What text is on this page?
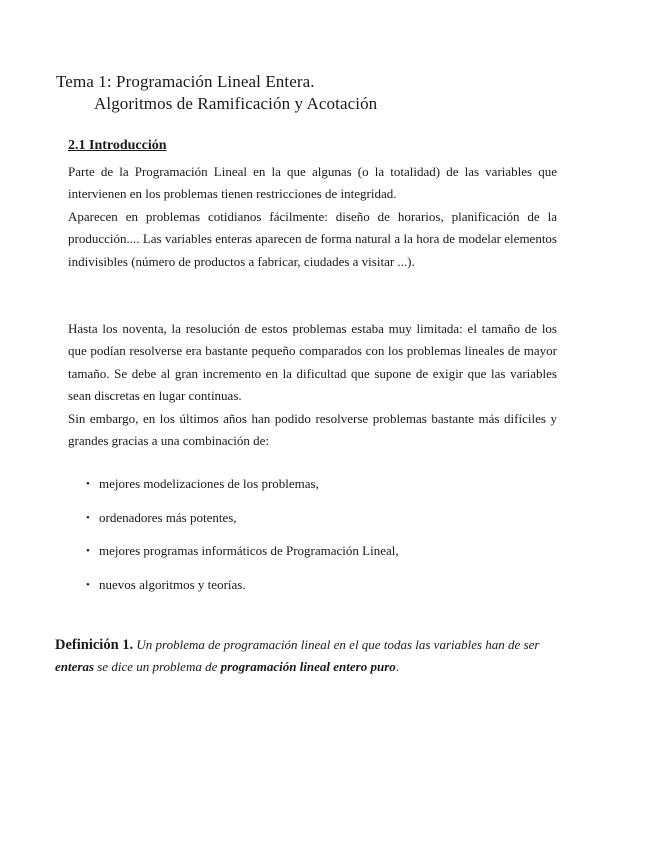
Tema 1: Programación Lineal Entera.
Algoritmos de Ramificación y Acotación
2.1 Introducción

Parte de la Programación Lineal en la que algunas (o la totalidad) de las variables que intervienen en los problemas tienen restricciones de integridad.

Aparecen en problemas cotidianos fácilmente: diseño de horarios, planificación de la producción.... Las variables enteras aparecen de forma natural a la hora de modelar elementos indivisibles (número de productos a fabricar, ciudades a visitar ...).

Hasta los noventa, la resolución de estos problemas estaba muy limitada: el tamaño de los que podían resolverse era bastante pequeño comparados con los problemas lineales de mayor tamaño. Se debe al gran incremento en la dificultad que supone de exigir que las variables sean discretas en lugar continuas.

Sin embargo, en los últimos años han podido resolverse problemas bastante más difíciles y grandes gracias a una combinación de:

• mejores modelizaciones de los problemas,
• ordenadores más potentes,
• mejores programas informáticos de Programación Lineal,
• nuevos algoritmos y teorías.

Definición 1. Un problema de programación lineal en el que todas las variables han de ser enteras se dice un problema de programación lineal entero puro.
